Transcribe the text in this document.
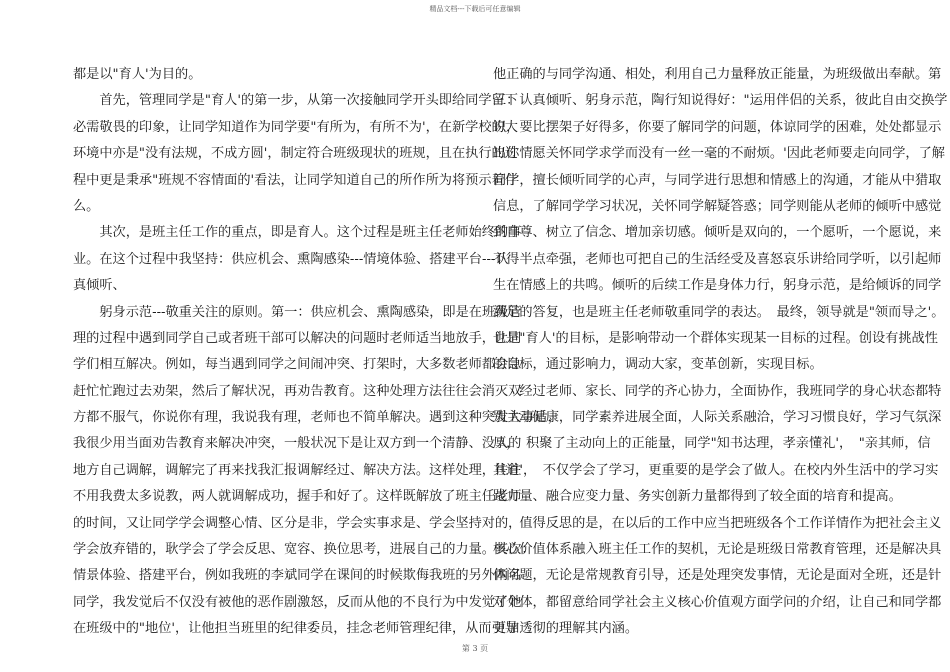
精品文档---下载后可任意编辑
都是以"育人'为目的。
　　首先，管理同学是"育人'的第一步，从第一次接触同学开头即给同学留下
必需敬畏的印象，让同学知道作为同学要"有所为，有所不为'，在新学校的大
环境中亦是"没有法规，不成方圆'，制定符合班级现状的班规，且在执行的过
程中更是秉承"班规不容情面的'看法，让同学知道自己的所作所为将预示着什
么。
　　其次，是班主任工作的重点，即是育人。这个过程是班主任老师始终的事
业。在这个过程中我坚持：供应机会、熏陶感染---情境体验、搭建平台---认
真倾听、
　　躬身示范---敬重关注的原则。第一：供应机会、熏陶感染，即是在班级管
理的过程中遇到同学自己或者班干部可以解决的问题时老师适当地放手，让同
学们相互解决。例如，每当遇到同学之间闹冲突、打架时，大多数老师都会急
赶忙忙跑过去劝架，然后了解状况，再劝告教育。这种处理方法往往会消灭双
方都不服气，你说你有理，我说我有理，老师也不简单解决。遇到这种突发大事后，
我很少用当面劝告教育来解决冲突，一般状况下是让双方到一个清静、没人的
地方自己调解，调解完了再来找我汇报调解经过、解决方法。这样处理，往往
不用我费太多说教，两人就调解成功，握手和好了。这样既解放了班主任老师
的时间，又让同学学会调整心情、区分是非，学会实事求是、学会坚持对的，
学会放弃错的，耿学会了学会反思、宽容、换位思考，进展自己的力量。其次：
情景体验、搭建平台，例如我班的李斌同学在课间的时候欺侮我班的另外两名
同学，我发觉后不仅没有被他的恶作剧激怒，反而从他的不良行为中发觉了她
在班级中的"地位'，让他担当班里的纪律委员，挂念老师管理纪律，从而引导
他正确的与同学沟通、相处，利用自己力量释放正能量，为班级做出奉献。第
三：认真倾听、躬身示范，陶行知说得好："运用伴侣的关系，彼此自由交换学
识，要比摆架子好得多，你要了解同学的问题，体谅同学的困难，处处都显示
出你情愿关怀同学求学而没有一丝一毫的不耐烦。'因此老师要走向同学，了解
同学，擅长倾听同学的心声，与同学进行思想和情感上的沟通，才能从中猎取
信息，了解同学学习状况，关怀同学解疑答惑；同学则能从老师的倾听中感觉
到自尊、树立了信念、增加亲切感。倾听是双向的，一个愿听，一个愿说，来
不得半点牵强，老师也可把自己的生活经受及喜怒哀乐讲给同学听，以引起师
生在情感上的共鸣。倾听的后续工作是身体力行，躬身示范，是给倾诉的同学
满足的答复，也是班主任老师敬重同学的表达。　最终，领导就是"领而导之'。
也是"育人'的目标，是影响带动一个群体实现某一目标的过程。创设有挑战性
的目标，通过影响力，调动大家，变革创新，实现目标。
　　经过老师、家长、同学的齐心协力，全面协作，我班同学的身心状态都特
别主动健康，同学素养进展全面，人际关系融洽，学习习惯良好，学习气氛深
厚，　积聚了主动向上的正能量，同学"知书达理，孝亲懂礼'，　"亲其师，信
其道'，　不仅学会了学习，更重要的是学会了做人。在校内外生活中的学习实
践力量、融合应变力量、务实创新力量都得到了较全面的培育和提高。
　　值得反思的是，在以后的工作中应当把班级各个工作详情作为把社会主义
核心价值体系融入班主任工作的契机，无论是班级日常教育管理，还是解决具
体问题，无论是常规教育引导，还是处理突发事情，无论是面对全班，还是针
对个体，都留意给同学社会主义核心价值观方面学问的介绍，让自己和同学都
更加透彻的理解其内涵。
第 3 页
